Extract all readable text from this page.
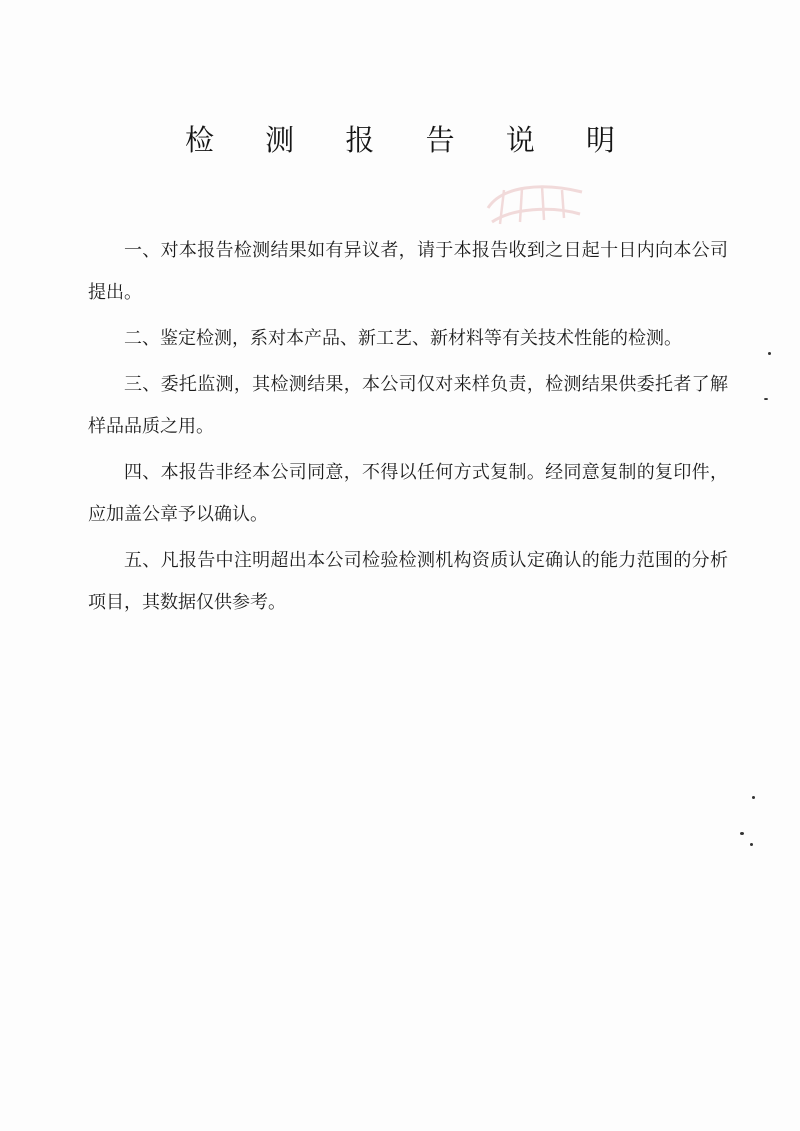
检 测 报 告 说 明

一、对本报告检测结果如有异议者，请于本报告收到之日起十日内向本公司提出。

二、鉴定检测，系对本产品、新工艺、新材料等有关技术性能的检测。

三、委托监测，其检测结果，本公司仅对来样负责，检测结果供委托者了解样品品质之用。

四、本报告非经本公司同意，不得以任何方式复制。经同意复制的复印件，应加盖公章予以确认。

五、凡报告中注明超出本公司检验检测机构资质认定确认的能力范围的分析项目，其数据仅供参考。
